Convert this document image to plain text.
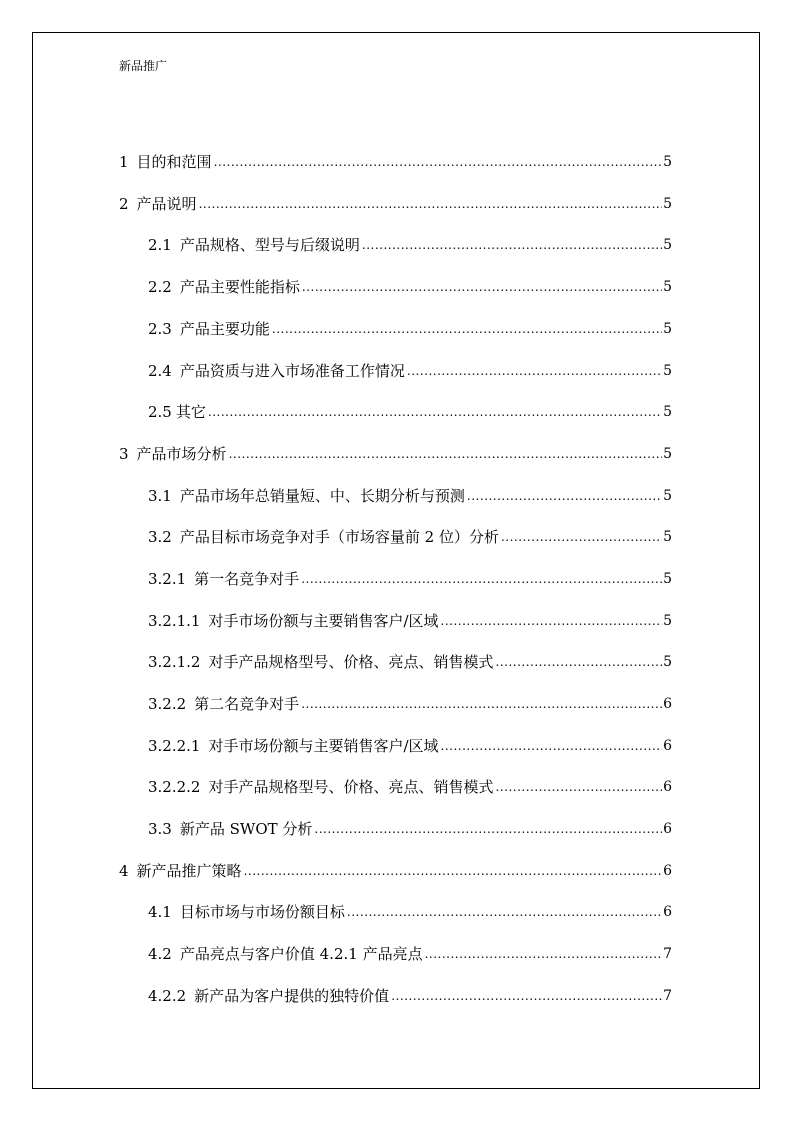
新品推广
1 目的和范围 .....	5
2 产品说明 .....	5
2.1 产品规格、型号与后缀说明 .....	5
2.2 产品主要性能指标 .....	5
2.3 产品主要功能 .....	5
2.4 产品资质与进入市场准备工作情况 .....	5
2.5 其它 .....	5
3 产品市场分析 .....	5
3.1 产品市场年总销量短、中、长期分析与预测 .....	5
3.2 产品目标市场竞争对手（市场容量前 2 位）分析 .....	5
3.2.1 第一名竞争对手 .....	5
3.2.1.1 对手市场份额与主要销售客户/区域 .....	5
3.2.1.2 对手产品规格型号、价格、亮点、销售模式 .....	5
3.2.2 第二名竞争对手 .....	6
3.2.2.1 对手市场份额与主要销售客户/区域 .....	6
3.2.2.2 对手产品规格型号、价格、亮点、销售模式 .....	6
3.3 新产品 SWOT 分析 .....	6
4 新产品推广策略 .....	6
4.1 目标市场与市场份额目标 .....	6
4.2 产品亮点与客户价值 4.2.1 产品亮点 .....	7
4.2.2 新产品为客户提供的独特价值 .....	7
